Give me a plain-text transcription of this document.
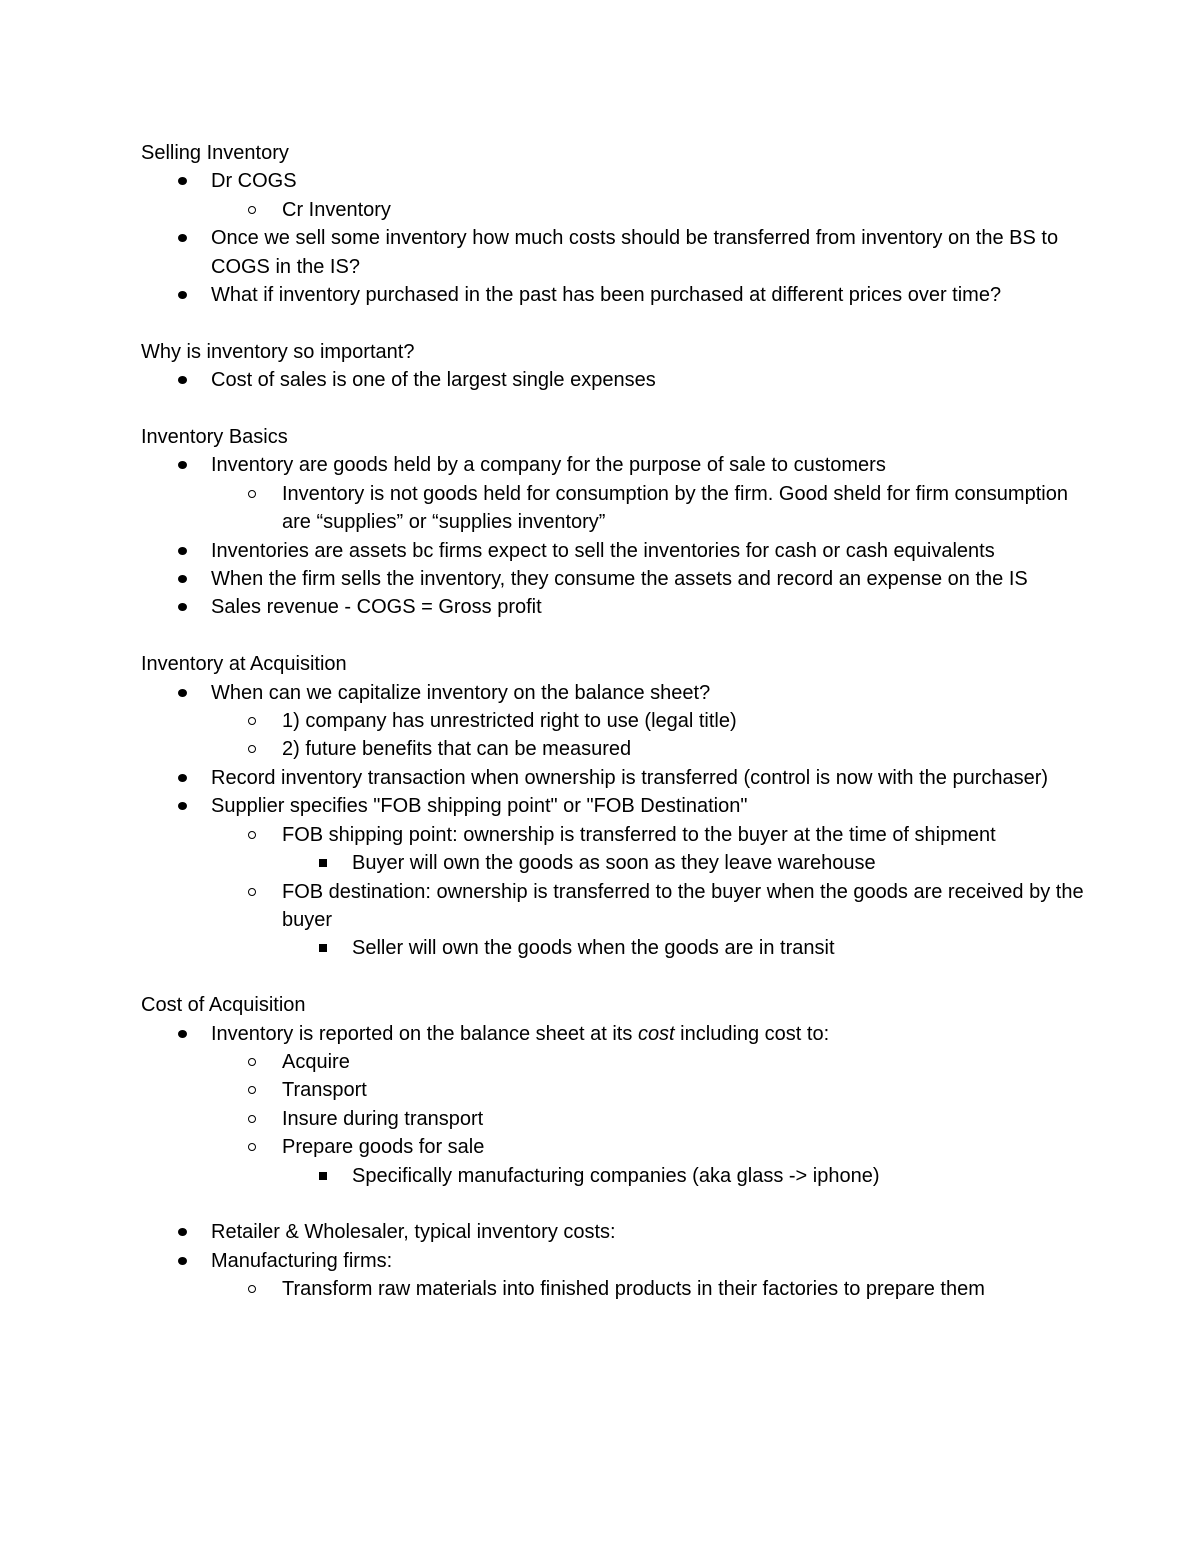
Selling Inventory

Dr COGS
Cr Inventory
Once we sell some inventory how much costs should be transferred from inventory on the BS to COGS in the IS?
What if inventory purchased in the past has been purchased at different prices over time?

Why is inventory so important?

Cost of sales is one of the largest single expenses

Inventory Basics

Inventory are goods held by a company for the purpose of sale to customers
Inventory is not goods held for consumption by the firm. Good sheld for firm consumption are “supplies” or “supplies inventory”
Inventories are assets bc firms expect to sell the inventories for cash or cash equivalents
When the firm sells the inventory, they consume the assets and record an expense on the IS
Sales revenue - COGS = Gross profit

Inventory at Acquisition

When can we capitalize inventory on the balance sheet?
1) company has unrestricted right to use (legal title)
2) future benefits that can be measured
Record inventory transaction when ownership is transferred (control is now with the purchaser)
Supplier specifies "FOB shipping point" or "FOB Destination"
FOB shipping point: ownership is transferred to the buyer at the time of shipment
Buyer will own the goods as soon as they leave warehouse
FOB destination: ownership is transferred to the buyer when the goods are received by the buyer
Seller will own the goods when the goods are in transit

Cost of Acquisition

Inventory is reported on the balance sheet at its cost including cost to:
Acquire
Transport
Insure during transport
Prepare goods for sale
Specifically manufacturing companies (aka glass -> iphone)
Retailer & Wholesaler, typical inventory costs:
Manufacturing firms:
Transform raw materials into finished products in their factories to prepare them
